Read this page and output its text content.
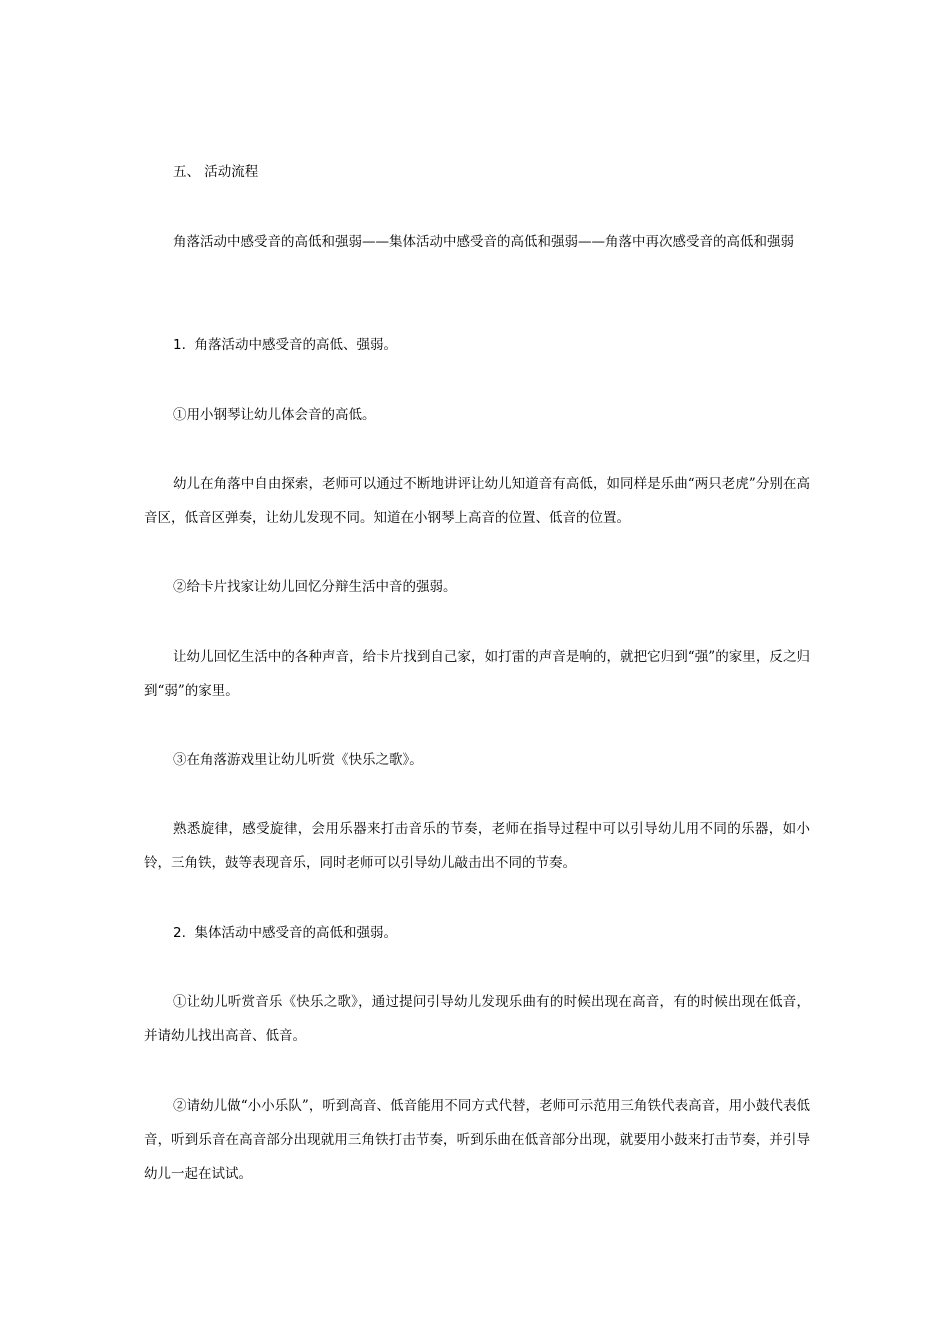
五、 活动流程

角落活动中感受音的高低和强弱——集体活动中感受音的高低和强弱——角落中再次感受音的高低和强弱

1. 角落活动中感受音的高低、强弱。

①用小钢琴让幼儿体会音的高低。

幼儿在角落中自由探索，老师可以通过不断地讲评让幼儿知道音有高低，如同样是乐曲“两只老虎”分别在高音区，低音区弹奏，让幼儿发现不同。知道在小钢琴上高音的位置、低音的位置。

②给卡片找家让幼儿回忆分辩生活中音的强弱。

让幼儿回忆生活中的各种声音，给卡片找到自己家，如打雷的声音是响的，就把它归到“强”的家里，反之归到“弱”的家里。

③在角落游戏里让幼儿听赏《快乐之歌》。

熟悉旋律，感受旋律，会用乐器来打击音乐的节奏，老师在指导过程中可以引导幼儿用不同的乐器，如小铃，三角铁，鼓等表现音乐，同时老师可以引导幼儿敲击出不同的节奏。

2. 集体活动中感受音的高低和强弱。

①让幼儿听赏音乐《快乐之歌》，通过提问引导幼儿发现乐曲有的时候出现在高音，有的时候出现在低音，并请幼儿找出高音、低音。

②请幼儿做“小小乐队”，听到高音、低音能用不同方式代替，老师可示范用三角铁代表高音，用小鼓代表低音，听到乐音在高音部分出现就用三角铁打击节奏，听到乐曲在低音部分出现，就要用小鼓来打击节奏，并引导幼儿一起在试试。
